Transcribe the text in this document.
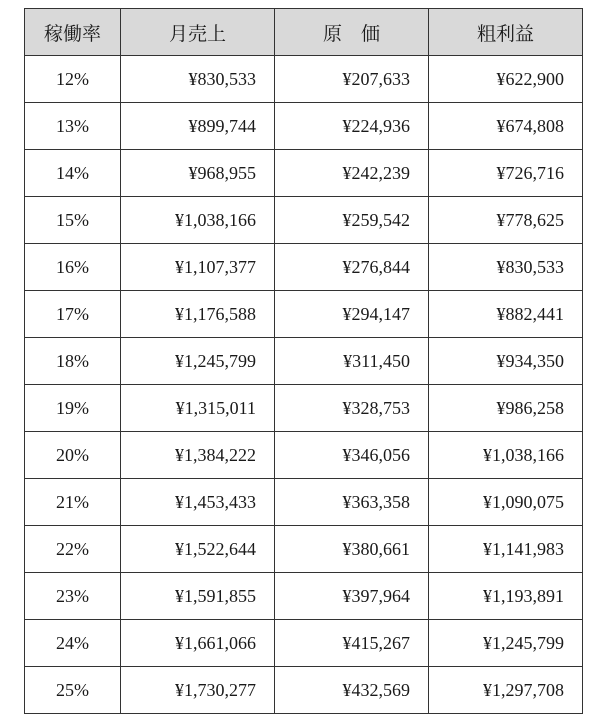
稼働率	月売上	原　価	粗利益
12%	¥830,533	¥207,633	¥622,900
13%	¥899,744	¥224,936	¥674,808
14%	¥968,955	¥242,239	¥726,716
15%	¥1,038,166	¥259,542	¥778,625
16%	¥1,107,377	¥276,844	¥830,533
17%	¥1,176,588	¥294,147	¥882,441
18%	¥1,245,799	¥311,450	¥934,350
19%	¥1,315,011	¥328,753	¥986,258
20%	¥1,384,222	¥346,056	¥1,038,166
21%	¥1,453,433	¥363,358	¥1,090,075
22%	¥1,522,644	¥380,661	¥1,141,983
23%	¥1,591,855	¥397,964	¥1,193,891
24%	¥1,661,066	¥415,267	¥1,245,799
25%	¥1,730,277	¥432,569	¥1,297,708
